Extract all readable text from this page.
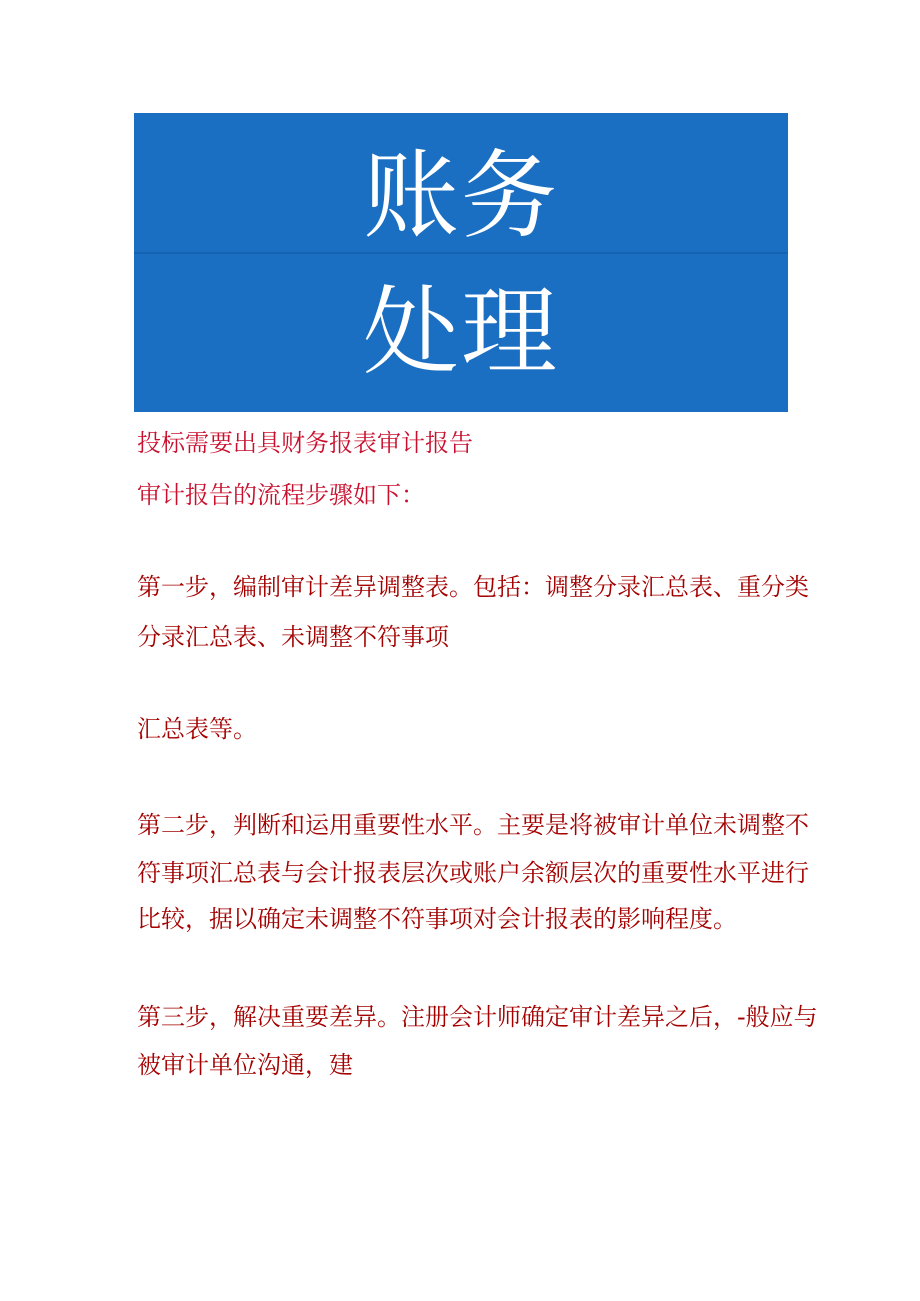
账务
处理
投标需要出具财务报表审计报告
审计报告的流程步骤如下：
第一步，编制审计差异调整表。包括：调整分录汇总表、重分类
分录汇总表、未调整不符事项
汇总表等。
第二步，判断和运用重要性水平。主要是将被审计单位未调整不
符事项汇总表与会计报表层次或账户余额层次的重要性水平进行
比较，据以确定未调整不符事项对会计报表的影响程度。
第三步，解决重要差异。注册会计师确定审计差异之后，-般应与
被审计单位沟通，建
